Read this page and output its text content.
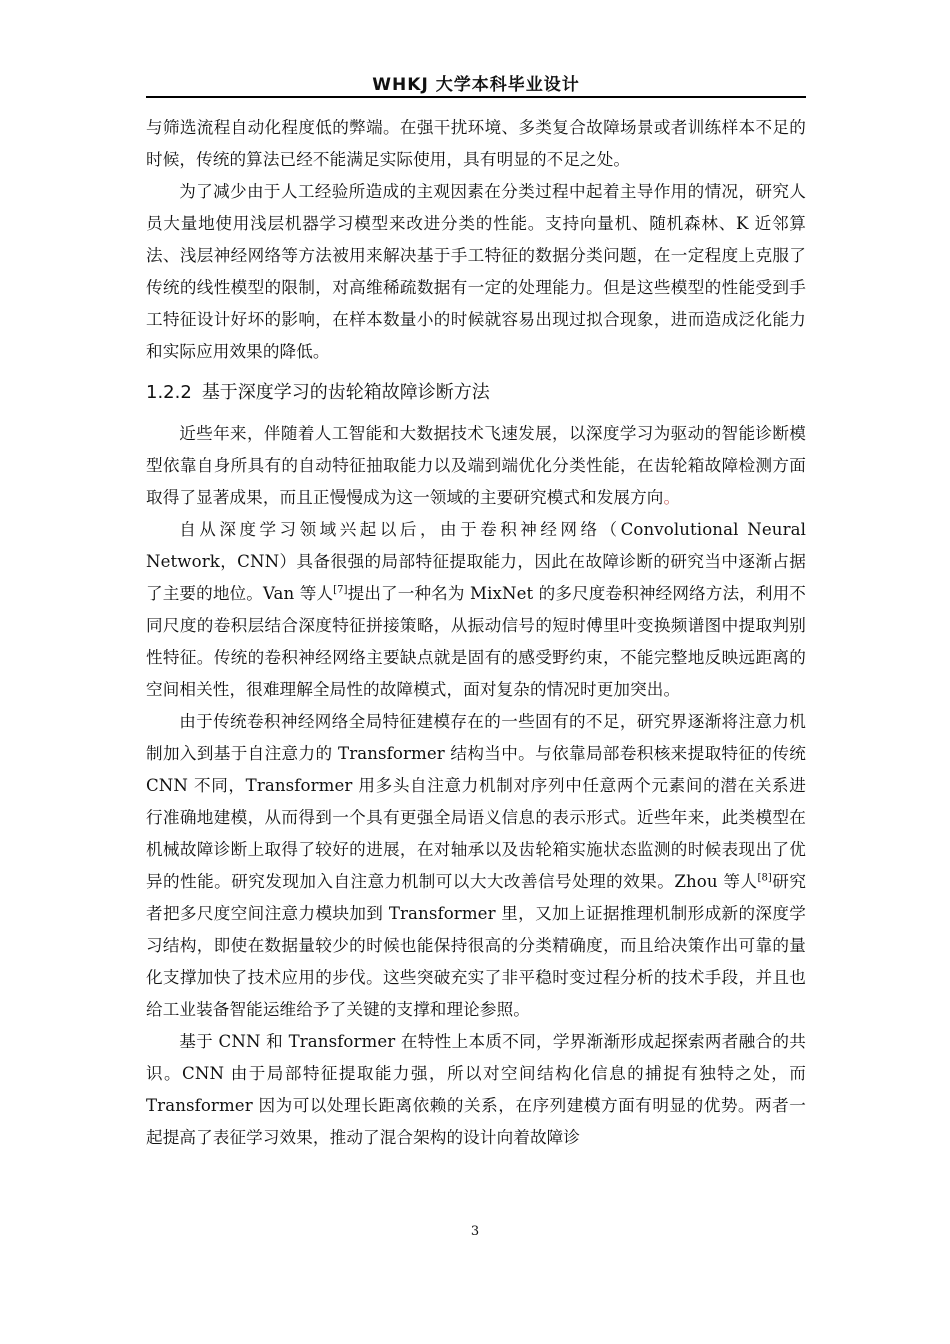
WHKJ 大学本科毕业设计

与筛选流程自动化程度低的弊端。在强干扰环境、多类复合故障场景或者训练样本不足的时候，传统的算法已经不能满足实际使用，具有明显的不足之处。

为了减少由于人工经验所造成的主观因素在分类过程中起着主导作用的情况，研究人员大量地使用浅层机器学习模型来改进分类的性能。支持向量机、随机森林、K 近邻算法、浅层神经网络等方法被用来解决基于手工特征的数据分类问题，在一定程度上克服了传统的线性模型的限制，对高维稀疏数据有一定的处理能力。但是这些模型的性能受到手工特征设计好坏的影响，在样本数量小的时候就容易出现过拟合现象，进而造成泛化能力和实际应用效果的降低。

1.2.2 基于深度学习的齿轮箱故障诊断方法

近些年来，伴随着人工智能和大数据技术飞速发展，以深度学习为驱动的智能诊断模型依靠自身所具有的自动特征抽取能力以及端到端优化分类性能，在齿轮箱故障检测方面取得了显著成果，而且正慢慢成为这一领域的主要研究模式和发展方向。

自从深度学习领域兴起以后，由于卷积神经网络（Convolutional Neural Network，CNN）具备很强的局部特征提取能力，因此在故障诊断的研究当中逐渐占据了主要的地位。Van 等人[7]提出了一种名为 MixNet 的多尺度卷积神经网络方法，利用不同尺度的卷积层结合深度特征拼接策略，从振动信号的短时傅里叶变换频谱图中提取判别性特征。传统的卷积神经网络主要缺点就是固有的感受野约束，不能完整地反映远距离的空间相关性，很难理解全局性的故障模式，面对复杂的情况时更加突出。

由于传统卷积神经网络全局特征建模存在的一些固有的不足，研究界逐渐将注意力机制加入到基于自注意力的 Transformer 结构当中。与依靠局部卷积核来提取特征的传统 CNN 不同，Transformer 用多头自注意力机制对序列中任意两个元素间的潜在关系进行准确地建模，从而得到一个具有更强全局语义信息的表示形式。近些年来，此类模型在机械故障诊断上取得了较好的进展，在对轴承以及齿轮箱实施状态监测的时候表现出了优异的性能。研究发现加入自注意力机制可以大大改善信号处理的效果。Zhou 等人[8]研究者把多尺度空间注意力模块加到 Transformer 里，又加上证据推理机制形成新的深度学习结构，即使在数据量较少的时候也能保持很高的分类精确度，而且给决策作出可靠的量化支撑加快了技术应用的步伐。这些突破充实了非平稳时变过程分析的技术手段，并且也给工业装备智能运维给予了关键的支撑和理论参照。

基于 CNN 和 Transformer 在特性上本质不同，学界渐渐形成起探索两者融合的共识。CNN 由于局部特征提取能力强，所以对空间结构化信息的捕捉有独特之处，而 Transformer 因为可以处理长距离依赖的关系，在序列建模方面有明显的优势。两者一起提高了表征学习效果，推动了混合架构的设计向着故障诊

3
